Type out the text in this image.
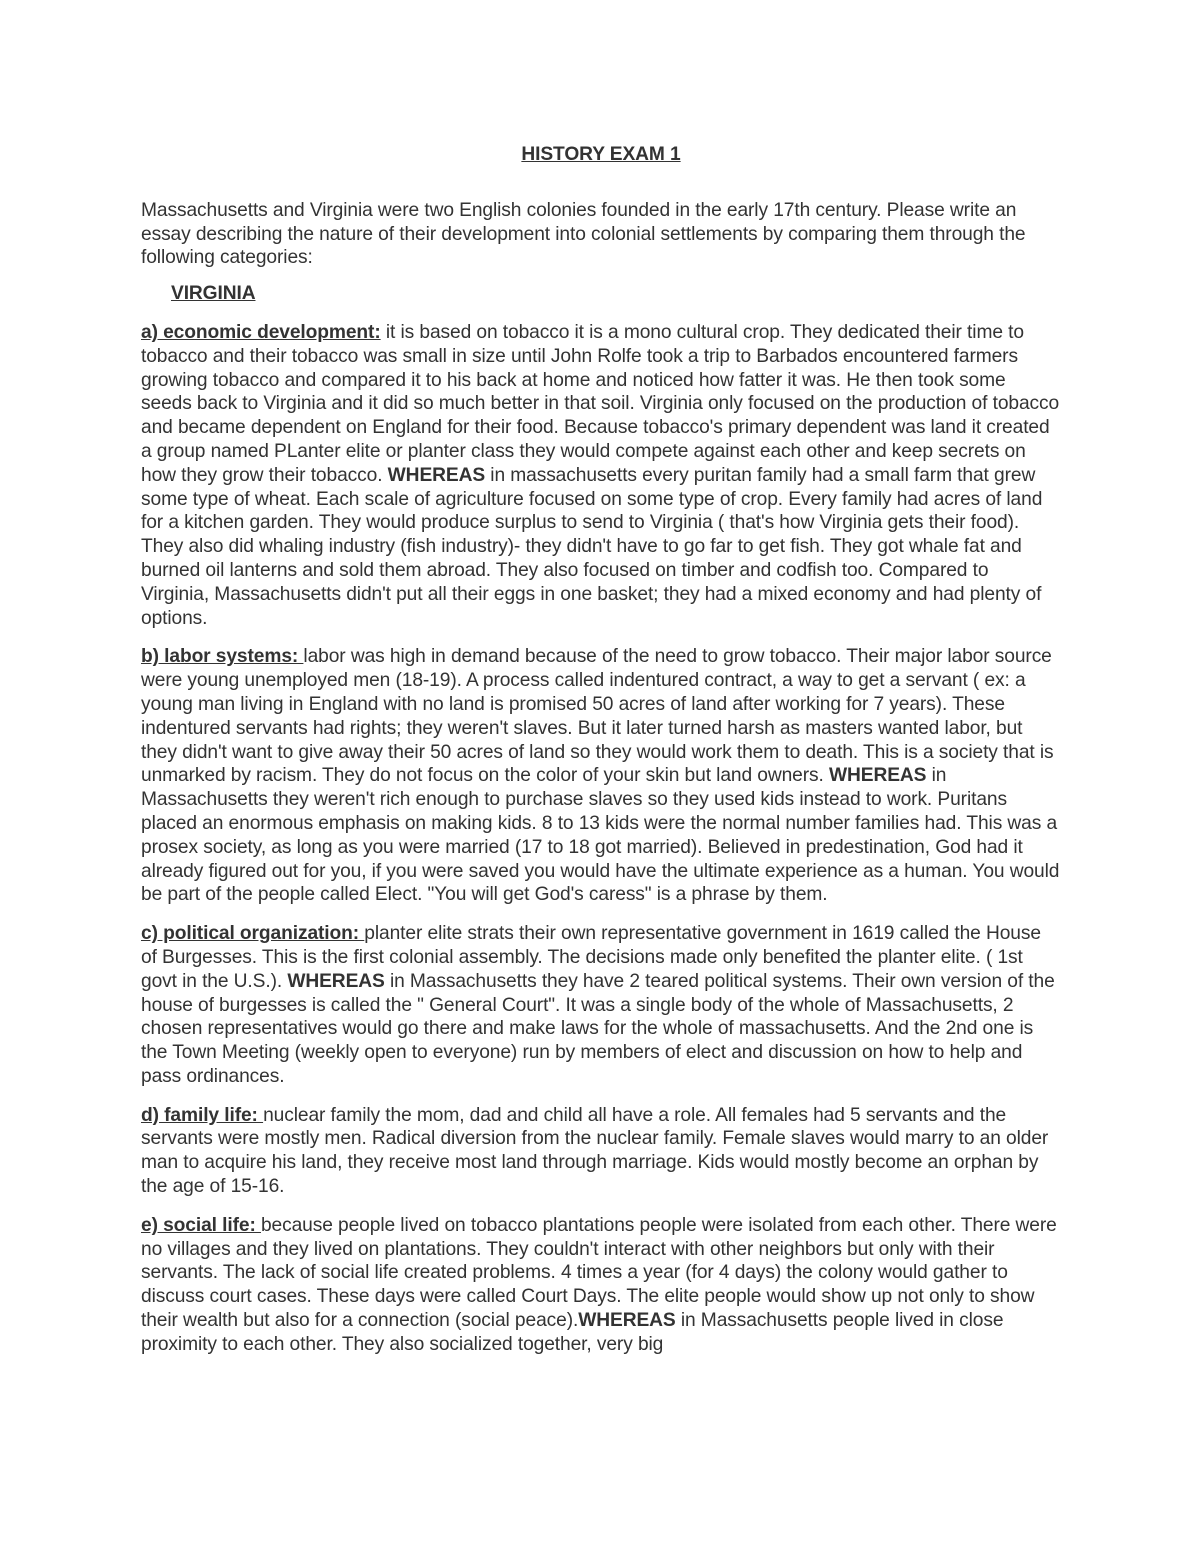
HISTORY EXAM 1
Massachusetts and Virginia were two English colonies founded in the early 17th century. Please write an essay describing the nature of their development into colonial settlements by comparing them through the following categories:
VIRGINIA
a) economic development: it is based on tobacco it is a mono cultural crop. They dedicated their time to tobacco and their tobacco was small in size until John Rolfe took a trip to Barbados encountered farmers growing tobacco and compared it to his back at home and noticed how fatter it was. He then took some seeds back to Virginia and it did so much better in that soil. Virginia only focused on the production of tobacco and became dependent on England for their food. Because tobacco's primary dependent was land it created a group named PLanter elite or planter class they would compete against each other and keep secrets on how they grow their tobacco. WHEREAS in massachusetts every puritan family had a small farm that grew some type of wheat. Each scale of agriculture focused on some type of crop. Every family had acres of land for a kitchen garden. They would produce surplus to send to Virginia ( that's how Virginia gets their food). They also did whaling industry (fish industry)- they didn't have to go far to get fish. They got whale fat and burned oil lanterns and sold them abroad. They also focused on timber and codfish too. Compared to Virginia, Massachusetts didn't put all their eggs in one basket; they had a mixed economy and had plenty of options.
b) labor systems: labor was high in demand because of the need to grow tobacco. Their major labor source were young unemployed men (18-19). A process called indentured contract, a way to get a servant ( ex: a young man living in England with no land is promised 50 acres of land after working for 7 years). These indentured servants had rights; they weren't slaves. But it later turned harsh as masters wanted labor, but they didn't want to give away their 50 acres of land so they would work them to death. This is a society that is unmarked by racism. They do not focus on the color of your skin but land owners. WHEREAS in Massachusetts they weren't rich enough to purchase slaves so they used kids instead to work. Puritans placed an enormous emphasis on making kids. 8 to 13 kids were the normal number families had. This was a prosex society, as long as you were married (17 to 18 got married). Believed in predestination, God had it already figured out for you, if you were saved you would have the ultimate experience as a human. You would be part of the people called Elect. "You will get God's caress" is a phrase by them.
c) political organization: planter elite strats their own representative government in 1619 called the House of Burgesses. This is the first colonial assembly. The decisions made only benefited the planter elite. ( 1st govt in the U.S.). WHEREAS in Massachusetts they have 2 teared political systems. Their own version of the house of burgesses is called the " General Court". It was a single body of the whole of Massachusetts, 2 chosen representatives would go there and make laws for the whole of massachusetts. And the 2nd one is the Town Meeting (weekly open to everyone) run by members of elect and discussion on how to help and pass ordinances.
d) family life: nuclear family the mom, dad and child all have a role. All females had 5 servants and the servants were mostly men. Radical diversion from the nuclear family. Female slaves would marry to an older man to acquire his land, they receive most land through marriage. Kids would mostly become an orphan by the age of 15-16.
e) social life: because people lived on tobacco plantations people were isolated from each other. There were no villages and they lived on plantations. They couldn't interact with other neighbors but only with their servants. The lack of social life created problems. 4 times a year (for 4 days) the colony would gather to discuss court cases. These days were called Court Days. The elite people would show up not only to show their wealth but also for a connection (social peace).WHEREAS in Massachusetts people lived in close proximity to each other. They also socialized together, very big
